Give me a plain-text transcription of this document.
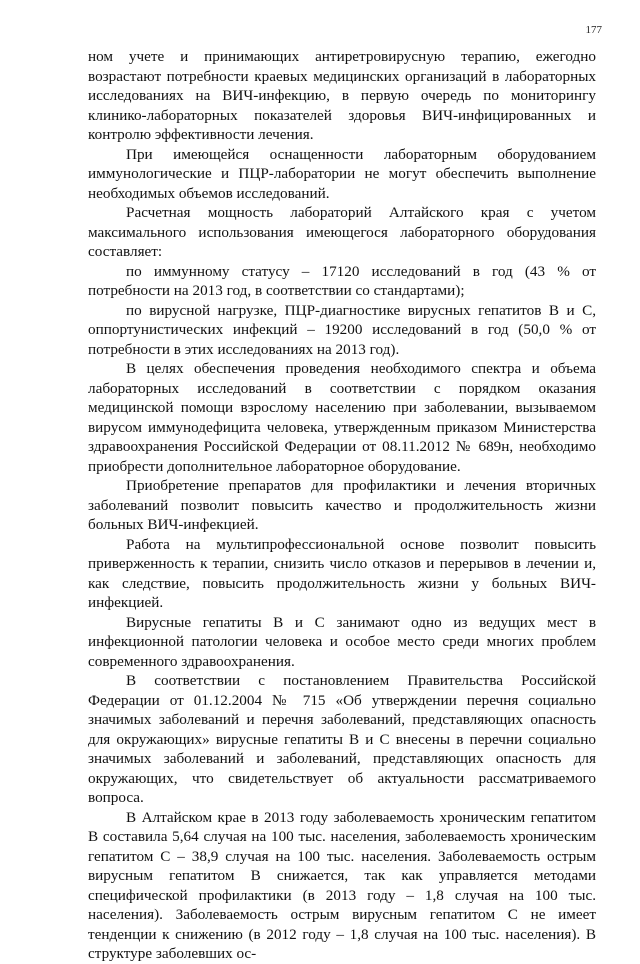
177

ном учете и принимающих антиретровирусную терапию, ежегодно возрастают потребности краевых медицинских организаций в лабораторных исследованиях на ВИЧ-инфекцию, в первую очередь по мониторингу клинико-лабораторных показателей здоровья ВИЧ-инфицированных и контролю эффективности лечения.

При имеющейся оснащенности лабораторным оборудованием иммунологические и ПЦР-лаборатории не могут обеспечить выполнение необходимых объемов исследований.

Расчетная мощность лабораторий Алтайского края с учетом максимального использования имеющегося лабораторного оборудования составляет:

по иммунному статусу – 17120 исследований в год (43 % от потребности на 2013 год, в соответствии со стандартами);

по вирусной нагрузке, ПЦР-диагностике вирусных гепатитов В и С, оппортунистических инфекций – 19200 исследований в год (50,0 % от потребности в этих исследованиях на 2013 год).

В целях обеспечения проведения необходимого спектра и объема лабораторных исследований в соответствии с порядком оказания медицинской помощи взрослому населению при заболевании, вызываемом вирусом иммунодефицита человека, утвержденным приказом Министерства здравоохранения Российской Федерации от 08.11.2012 № 689н, необходимо приобрести дополнительное лабораторное оборудование.

Приобретение препаратов для профилактики и лечения вторичных заболеваний позволит повысить качество и продолжительность жизни больных ВИЧ-инфекцией.

Работа на мультипрофессиональной основе позволит повысить приверженность к терапии, снизить число отказов и перерывов в лечении и, как следствие, повысить продолжительность жизни у больных ВИЧ-инфекцией.

Вирусные гепатиты В и С занимают одно из ведущих мест в инфекционной патологии человека и особое место среди многих проблем современного здравоохранения.

В соответствии с постановлением Правительства Российской Федерации от 01.12.2004 № 715 «Об утверждении перечня социально значимых заболеваний и перечня заболеваний, представляющих опасность для окружающих» вирусные гепатиты В и С внесены в перечни социально значимых заболеваний и заболеваний, представляющих опасность для окружающих, что свидетельствует об актуальности рассматриваемого вопроса.

В Алтайском крае в 2013 году заболеваемость хроническим гепатитом В составила 5,64 случая на 100 тыс. населения, заболеваемость хроническим гепатитом С – 38,9 случая на 100 тыс. населения. Заболеваемость острым вирусным гепатитом В снижается, так как управляется методами специфической профилактики (в 2013 году – 1,8 случая на 100 тыс. населения). Заболеваемость острым вирусным гепатитом С не имеет тенденции к снижению (в 2012 году – 1,8 случая на 100 тыс. населения). В структуре заболевших ос-
